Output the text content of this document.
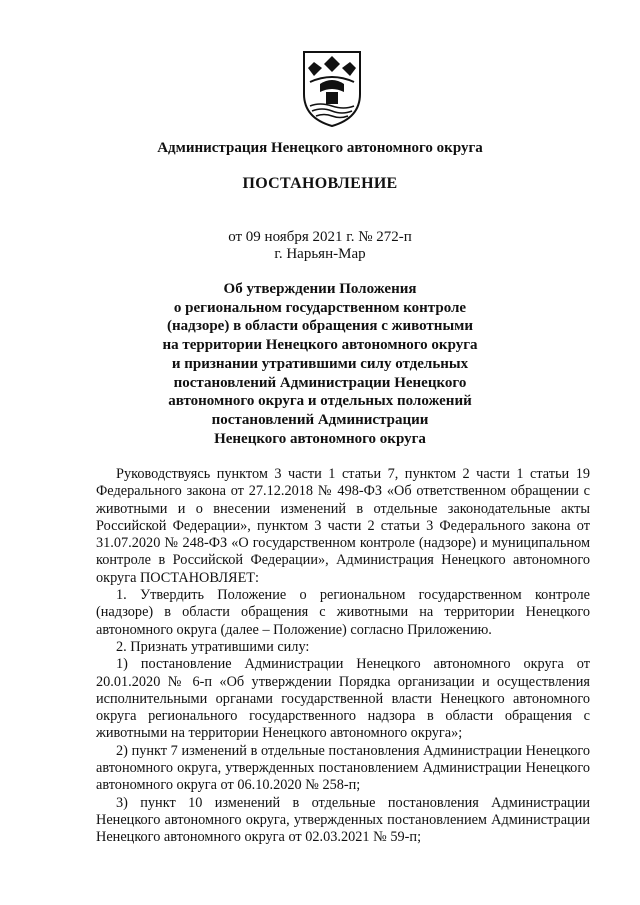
Администрация Ненецкого автономного округа
ПОСТАНОВЛЕНИЕ
от 09 ноября 2021 г. № 272-п
г. Нарьян-Мар
Об утверждении Положения
о региональном государственном контроле
(надзоре) в области обращения с животными
на территории Ненецкого автономного округа
и признании утратившими силу отдельных
постановлений Администрации Ненецкого
автономного округа и отдельных положений
постановлений Администрации
Ненецкого автономного округа

Руководствуясь пунктом 3 части 1 статьи 7, пунктом 2 части 1 статьи 19 Федерального закона от 27.12.2018 № 498-ФЗ «Об ответственном обращении с животными и о внесении изменений в отдельные законодательные акты Российской Федерации», пунктом 3 части 2 статьи 3 Федерального закона от 31.07.2020 № 248-ФЗ «О государственном контроле (надзоре) и муниципальном контроле в Российской Федерации», Администрация Ненецкого автономного округа ПОСТАНОВЛЯЕТ:

1. Утвердить Положение о региональном государственном контроле (надзоре) в области обращения с животными на территории Ненецкого автономного округа (далее – Положение) согласно Приложению.

2. Признать утратившими силу:

1) постановление Администрации Ненецкого автономного округа от 20.01.2020 № 6-п «Об утверждении Порядка организации и осуществления исполнительными органами государственной власти Ненецкого автономного округа регионального государственного надзора в области обращения с животными на территории Ненецкого автономного округа»;

2) пункт 7 изменений в отдельные постановления Администрации Ненецкого автономного округа, утвержденных постановлением Администрации Ненецкого автономного округа от 06.10.2020 № 258-п;

3) пункт 10 изменений в отдельные постановления Администрации Ненецкого автономного округа, утвержденных постановлением Администрации Ненецкого автономного округа от 02.03.2021 № 59-п;
